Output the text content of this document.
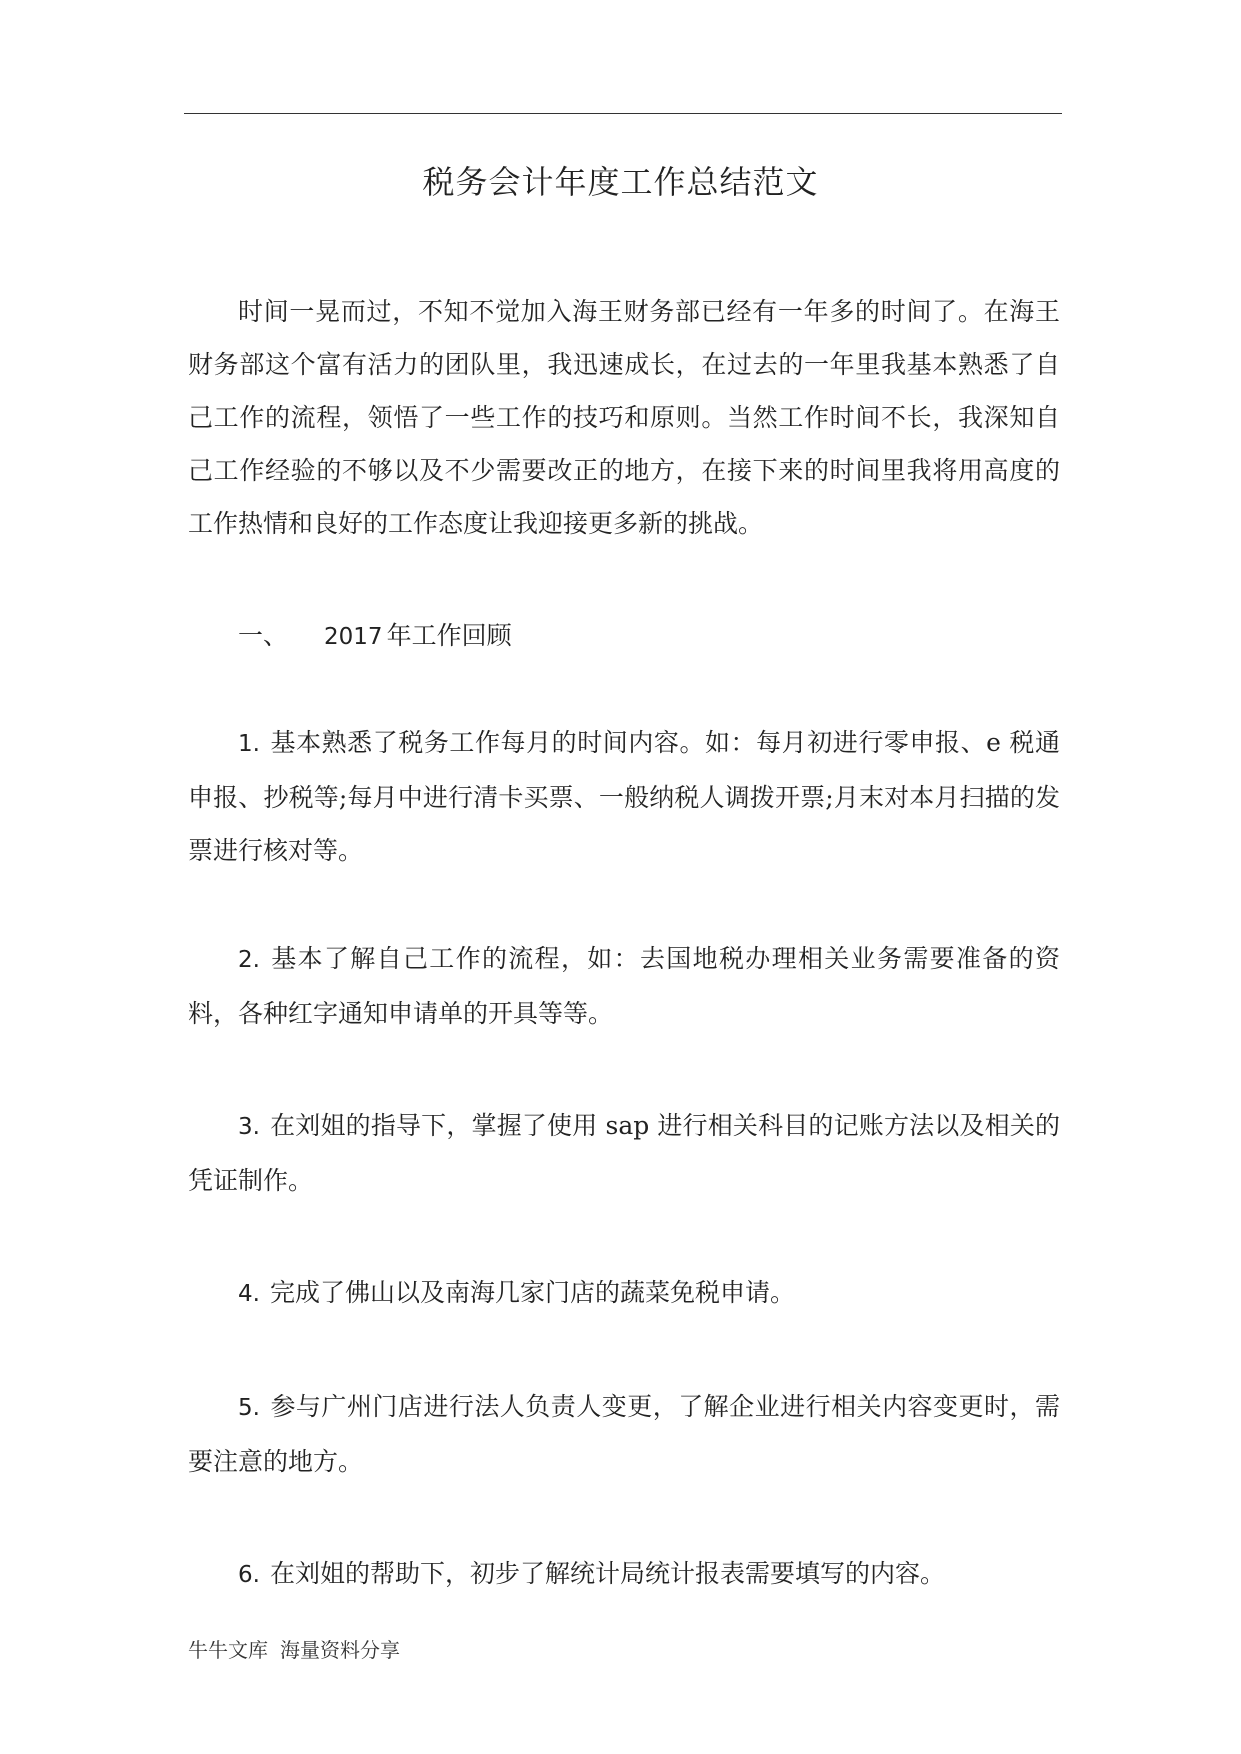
税务会计年度工作总结范文

时间一晃而过，不知不觉加入海王财务部已经有一年多的时间了。在海王财务部这个富有活力的团队里，我迅速成长，在过去的一年里我基本熟悉了自己工作的流程，领悟了一些工作的技巧和原则。当然工作时间不长，我深知自己工作经验的不够以及不少需要改正的地方，在接下来的时间里我将用高度的工作热情和良好的工作态度让我迎接更多新的挑战。

一、 2017 年工作回顾

1. 基本熟悉了税务工作每月的时间内容。如：每月初进行零申报、e 税通申报、抄税等;每月中进行清卡买票、一般纳税人调拨开票;月末对本月扫描的发票进行核对等。

2. 基本了解自己工作的流程，如：去国地税办理相关业务需要准备的资料，各种红字通知申请单的开具等等。

3. 在刘姐的指导下，掌握了使用 sap 进行相关科目的记账方法以及相关的凭证制作。

4. 完成了佛山以及南海几家门店的蔬菜免税申请。

5. 参与广州门店进行法人负责人变更，了解企业进行相关内容变更时，需要注意的地方。

6. 在刘姐的帮助下，初步了解统计局统计报表需要填写的内容。

牛牛文库 海量资料分享
